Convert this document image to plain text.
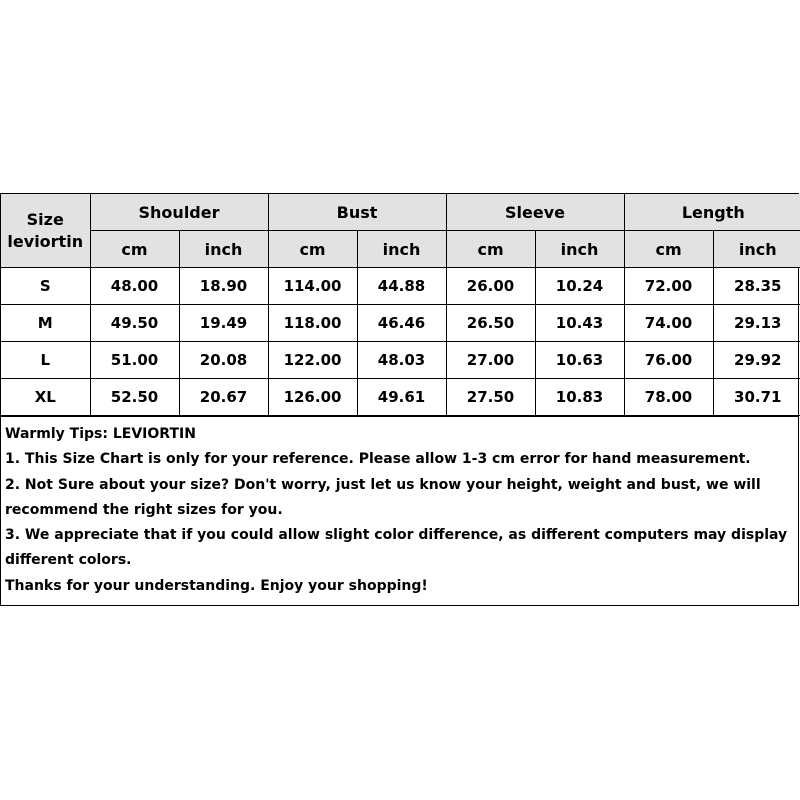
Size
leviortin	Shoulder		Bust		Sleeve		Length	
	cm	inch	cm	inch	cm	inch	cm	inch
S	48.00	18.90	114.00	44.88	26.00	10.24	72.00	28.35
M	49.50	19.49	118.00	46.46	26.50	10.43	74.00	29.13
L	51.00	20.08	122.00	48.03	27.00	10.63	76.00	29.92
XL	52.50	20.67	126.00	49.61	27.50	10.83	78.00	30.71
Warmly Tips: LEVIORTIN
1. This Size Chart is only for your reference. Please allow 1-3 cm error for hand measurement.
2. Not Sure about your size? Don't worry, just let us know your height, weight and bust, we will
recommend the right sizes for you.
3. We appreciate that if you could allow slight color difference, as different computers may display
different colors.
Thanks for your understanding. Enjoy your shopping!
